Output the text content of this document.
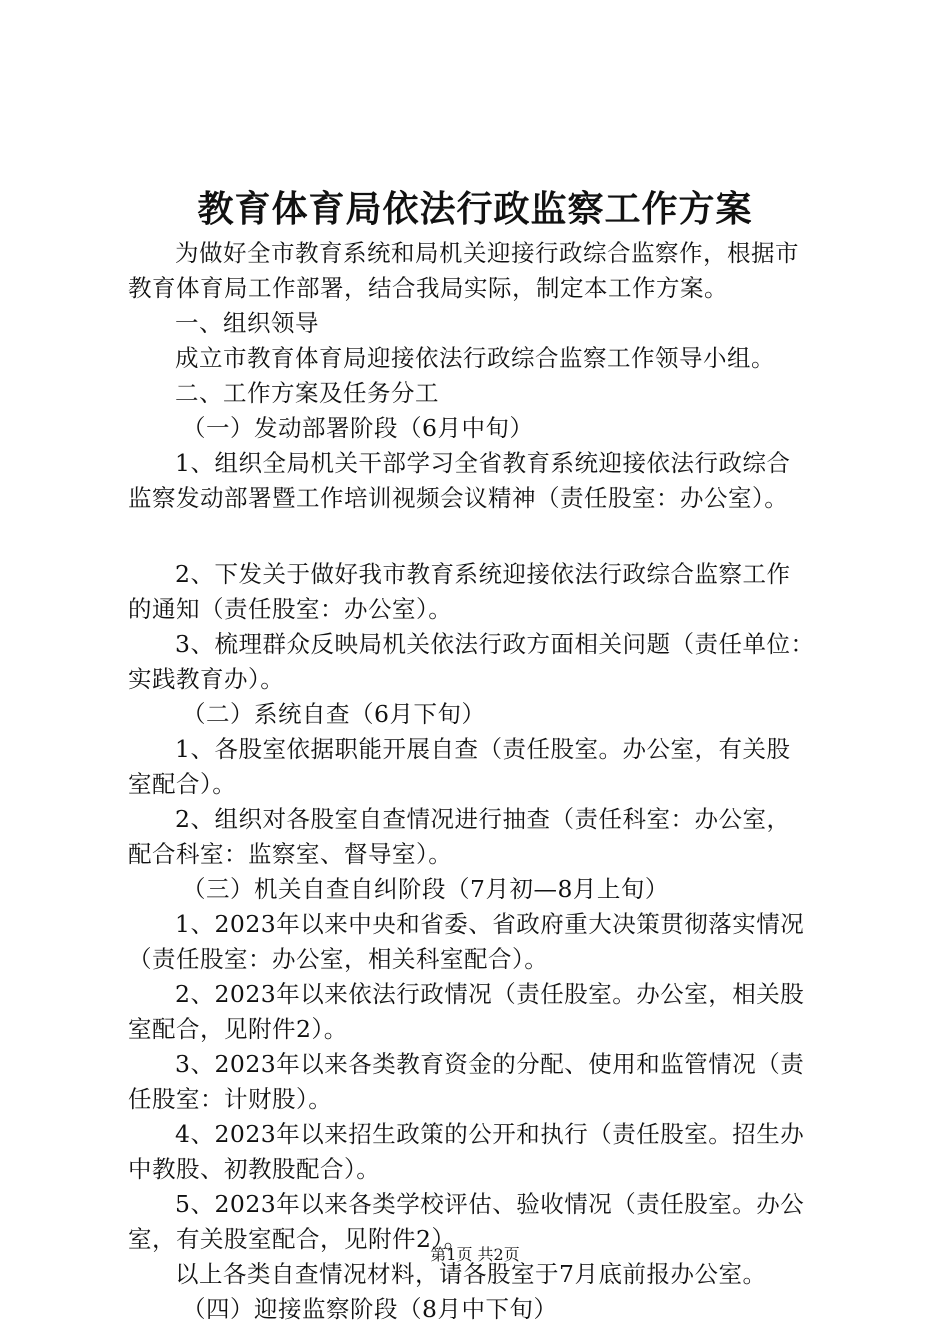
教育体育局依法行政监察工作方案
为做好全市教育系统和局机关迎接行政综合监察作，根据市
教育体育局工作部署，结合我局实际，制定本工作方案。
一、组织领导
成立市教育体育局迎接依法行政综合监察工作领导小组。
二、工作方案及任务分工
（一）发动部署阶段（6月中旬）
1、组织全局机关干部学习全省教育系统迎接依法行政综合
监察发动部署暨工作培训视频会议精神（责任股室：办公室）。
2、下发关于做好我市教育系统迎接依法行政综合监察工作
的通知（责任股室：办公室）。
3、梳理群众反映局机关依法行政方面相关问题（责任单位：
实践教育办）。
（二）系统自查（6月下旬）
1、各股室依据职能开展自查（责任股室。办公室，有关股
室配合）。
2、组织对各股室自查情况进行抽查（责任科室：办公室，
配合科室：监察室、督导室）。
（三）机关自查自纠阶段（7月初—8月上旬）
1、2023年以来中央和省委、省政府重大决策贯彻落实情况
（责任股室：办公室，相关科室配合）。
2、2023年以来依法行政情况（责任股室。办公室，相关股
室配合，见附件2）。
3、2023年以来各类教育资金的分配、使用和监管情况（责
任股室：计财股）。
4、2023年以来招生政策的公开和执行（责任股室。招生办
中教股、初教股配合）。
5、2023年以来各类学校评估、验收情况（责任股室。办公
室，有关股室配合，见附件2）。
以上各类自查情况材料，请各股室于7月底前报办公室。
（四）迎接监察阶段（8月中下旬）
第1页 共2页
